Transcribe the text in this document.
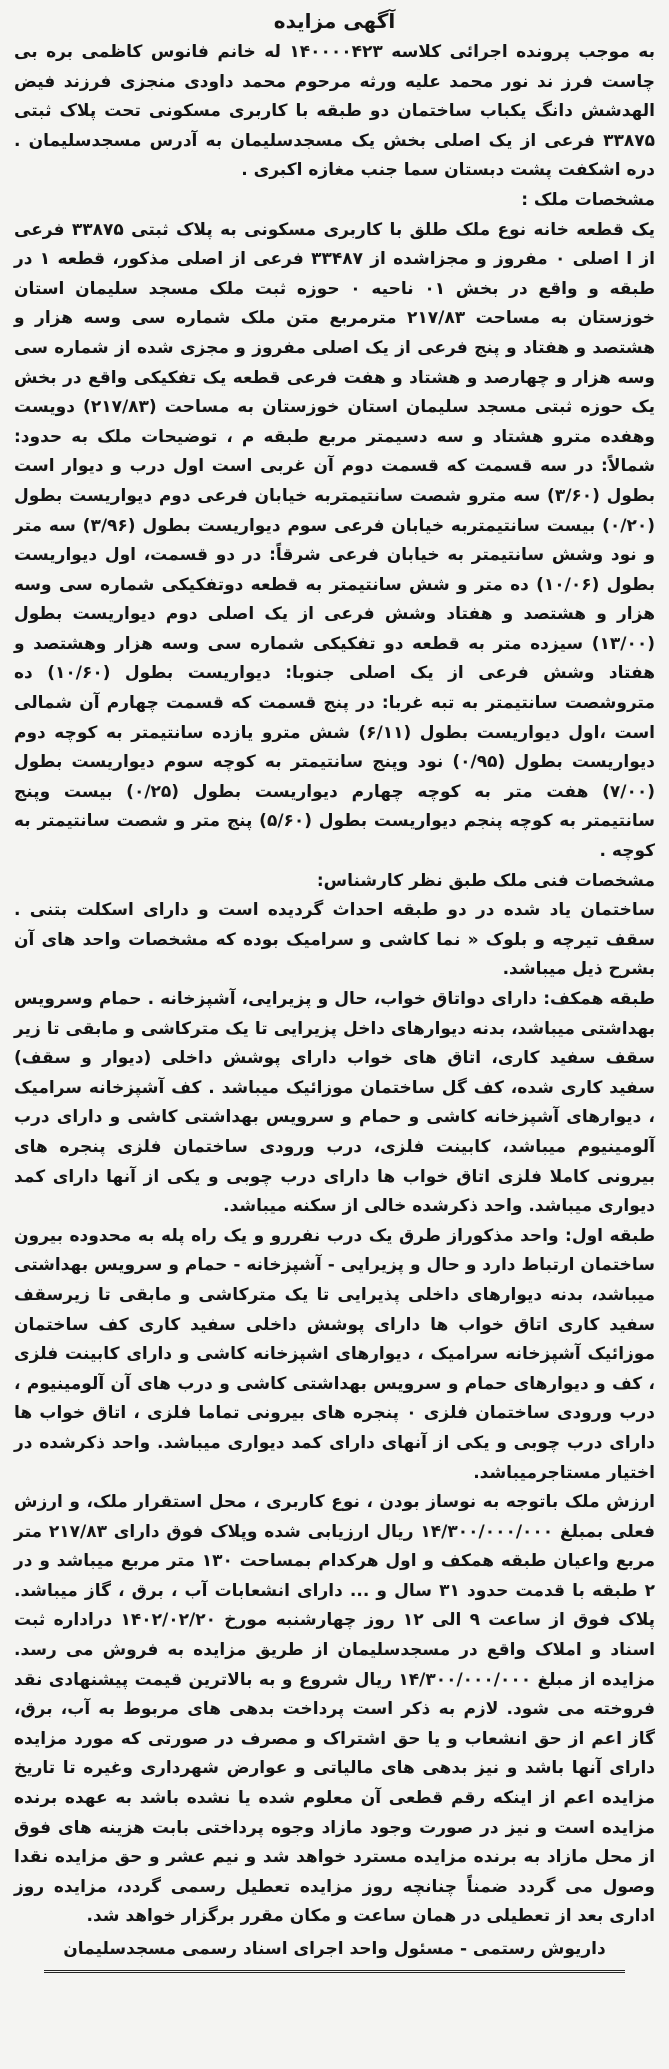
آگهی مزایده

به موجب پرونده اجرائی کلاسه ۱۴۰۰۰۰۴۲۳ له خانم فانوس کاظمی بره بی چاست فرز ند نور محمد علیه ورثه مرحوم محمد داودی منجزی فرزند فیض الهدشش دانگ یکباب ساختمان دو طبقه با کاربری مسکونی تحت پلاک ثبتی ۳۳۸۷۵ فرعی از یک اصلی بخش یک مسجدسلیمان به آدرس مسجدسلیمان . دره اشکفت پشت دبستان سما جنب مغازه اکبری .

مشخصات ملک :

یک قطعه خانه نوع ملک طلق با کاربری مسکونی به پلاک ثبتی ۳۳۸۷۵ فرعی از ا اصلی ۰ مفروز و مجزاشده از ۳۳۴۸۷ فرعی از اصلی مذکور، قطعه ۱ در طبقه و واقع در بخش ۰۱ ناحیه ۰ حوزه ثبت ملک مسجد سلیمان استان خوزستان به مساحت ۲۱۷/۸۳ مترمربع متن ملک شماره سی وسه هزار و هشتصد و هفتاد و پنج فرعی از یک اصلی مفروز و مجزی شده از شماره سی وسه هزار و چهارصد و هشتاد و هفت فرعی قطعه یک تفکیکی واقع در بخش یک حوزه ثبتی مسجد سلیمان استان خوزستان به مساحت (۲۱۷/۸۳) دویست وهفده مترو هشتاد و سه دسیمتر مربع طبقه م ، توضیحات ملک به حدود: شمالاً: در سه قسمت که قسمت دوم آن غربی است اول درب و دیوار است بطول (۳/۶۰) سه مترو شصت سانتیمتربه خیابان فرعی دوم دیواریست بطول (۰/۲۰) بیست سانتیمتربه خیابان فرعی سوم دیواریست بطول (۳/۹۶) سه متر و نود وشش سانتیمتر به خیابان فرعی شرقاً: در دو قسمت، اول دیواریست بطول (۱۰/۰۶) ده متر و شش سانتیمتر به قطعه دوتفکیکی شماره سی وسه هزار و هشتصد و هفتاد وشش فرعی از یک اصلی دوم دیواریست بطول (۱۳/۰۰) سیزده متر به قطعه دو تفکیکی شماره سی وسه هزار وهشتصد و هفتاد وشش فرعی از یک اصلی جنوبا: دیواریست بطول (۱۰/۶۰) ده متروشصت سانتیمتر به تبه غربا: در پنج قسمت که قسمت چهارم آن شمالی است ،اول دیواریست بطول (۶/۱۱) شش مترو یازده سانتیمتر به کوچه دوم دیواریست بطول (۰/۹۵) نود وپنج سانتیمتر به کوچه سوم دیواریست بطول (۷/۰۰) هفت متر به کوچه چهارم دیواریست بطول (۰/۲۵) بیست وپنج سانتیمتر به کوچه پنجم دیواریست بطول (۵/۶۰) پنج متر و شصت سانتیمتر به کوچه .

مشخصات فنی ملک طبق نظر کارشناس:

ساختمان یاد شده در دو طبقه احداث گردیده است و دارای اسکلت بتنی . سقف تیرچه و بلوک « نما کاشی و سرامیک بوده که مشخصات واحد های آن بشرح ذیل میباشد.

طبقه همکف: دارای دواتاق خواب، حال و پزیرایی، آشپزخانه . حمام وسرویس بهداشتی میباشد، بدنه دیوارهای داخل پزیرایی تا یک مترکاشی و مابقی تا زیر سقف سفید کاری، اتاق های خواب دارای پوشش داخلی (دیوار و سقف) سفید کاری شده، کف گل ساختمان موزائیک میباشد . کف آشپزخانه سرامیک ، دیوارهای آشپزخانه کاشی و حمام و سرویس بهداشتی کاشی و دارای درب آلومینیوم میباشد، کابینت فلزی، درب ورودی ساختمان فلزی پنجره های بیرونی کاملا فلزی اتاق خواب ها دارای درب چوبی و یکی از آنها دارای کمد دیواری میباشد. واحد ذکرشده خالی از سکنه میباشد.

طبقه اول: واحد مذکوراز طرق یک درب نفررو و یک راه پله به محدوده بیرون ساختمان ارتباط دارد و حال و پزیرایی - آشپزخانه - حمام و سرویس بهداشتی میباشد، بدنه دیوارهای داخلی پذیرایی تا یک مترکاشی و مابقی تا زیرسقف سفید کاری اتاق خواب ها دارای پوشش داخلی سفید کاری کف ساختمان موزائیک آشپزخانه سرامیک ، دیوارهای اشپزخانه کاشی و دارای کابینت فلزی ، کف و دیوارهای حمام و سرویس بهداشتی کاشی و درب های آن آلومینیوم ، درب ورودی ساختمان فلزی ۰ پنجره های بیرونی تماما فلزی ، اتاق خواب ها دارای درب چوبی و یکی از آنهای دارای کمد دیواری میباشد. واحد ذکرشده در اختیار مستاجرمیباشد.

ارزش ملک باتوجه به نوساز بودن ، نوع کاربری ، محل استقرار ملک، و ارزش فعلی بمبلغ ۱۴/۳۰۰/۰۰۰/۰۰۰ ریال ارزیابی شده وپلاک فوق دارای ۲۱۷/۸۳ متر مربع واعیان طبقه همکف و اول هرکدام بمساحت ۱۳۰ متر مربع میباشد و در ۲ طبقه با قدمت حدود ۳۱ سال و ... دارای انشعابات آب ، برق ، گاز میباشد. پلاک فوق از ساعت ۹ الی ۱۲ روز چهارشنبه مورخ ۱۴۰۲/۰۲/۲۰ دراداره ثبت اسناد و املاک واقع در مسجدسلیمان از طریق مزایده به فروش می رسد. مزایده از مبلغ ۱۴/۳۰۰/۰۰۰/۰۰۰ ریال شروع و به بالاترین قیمت پیشنهادی نقد فروخته می شود. لازم به ذکر است پرداخت بدهی های مربوط به آب، برق، گاز اعم از حق انشعاب و یا حق اشتراک و مصرف در صورتی که مورد مزایده دارای آنها باشد و نیز بدهی های مالیاتی و عوارض شهرداری وغیره تا تاریخ مزایده اعم از اینکه رقم قطعی آن معلوم شده یا نشده باشد به عهده برنده مزایده است و نیز در صورت وجود مازاد وجوه پرداختی بابت هزینه های فوق از محل مازاد به برنده مزایده مسترد خواهد شد و نیم عشر و حق مزایده نقدا وصول می گردد ضمناً چنانچه روز مزایده تعطیل رسمی گردد، مزایده روز اداری بعد از تعطیلی در همان ساعت و مکان مقرر برگزار خواهد شد.

داریوش رستمی - مسئول واحد اجرای اسناد رسمی مسجدسلیمان
